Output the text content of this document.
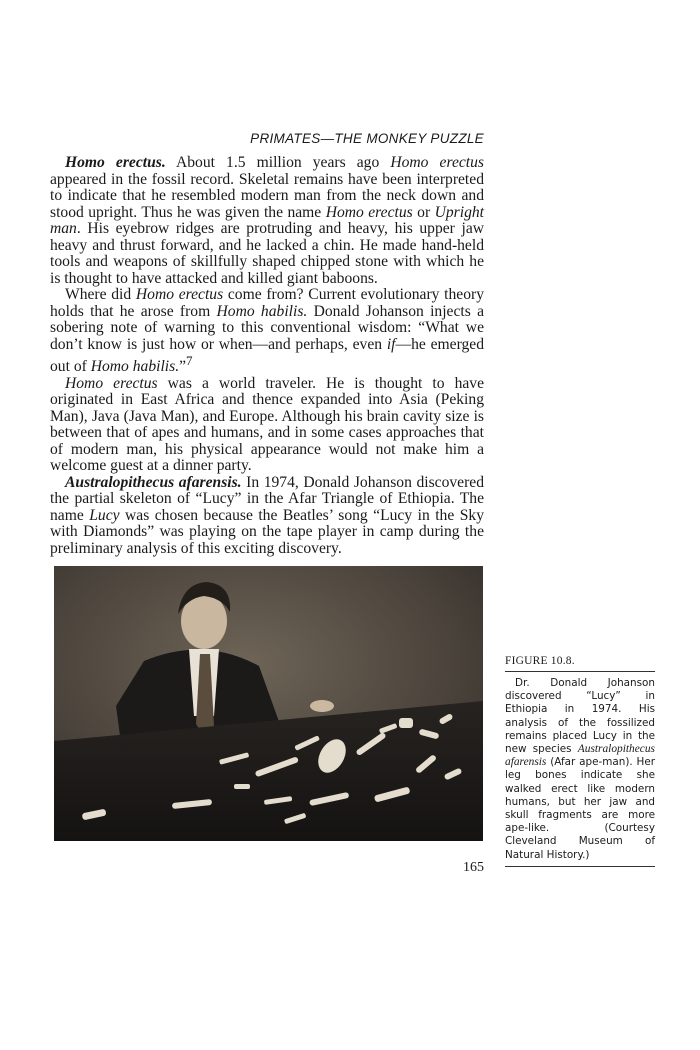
PRIMATES—THE MONKEY PUZZLE

Homo erectus. About 1.5 million years ago Homo erectus appeared in the fossil record. Skeletal remains have been interpreted to indicate that he resembled modern man from the neck down and stood upright. Thus he was given the name Homo erectus or Upright man. His eyebrow ridges are protruding and heavy, his upper jaw heavy and thrust forward, and he lacked a chin. He made hand-held tools and weapons of skillfully shaped chipped stone with which he is thought to have attacked and killed giant baboons.

Where did Homo erectus come from? Current evolutionary theory holds that he arose from Homo habilis. Donald Johanson injects a sobering note of warning to this conventional wisdom: “What we don’t know is just how or when—and perhaps, even if—he emerged out of Homo habilis.”$^7$

Homo erectus was a world traveler. He is thought to have originated in East Africa and thence expanded into Asia (Peking Man), Java (Java Man), and Europe. Although his brain cavity size is between that of apes and humans, and in some cases approaches that of modern man, his physical appearance would not make him a welcome guest at a dinner party.

Australopithecus afarensis. In 1974, Donald Johanson discovered the partial skeleton of “Lucy” in the Afar Triangle of Ethiopia. The name Lucy was chosen because the Beatles’ song “Lucy in the Sky with Diamonds” was playing on the tape player in camp during the preliminary analysis of this exciting discovery.

FIGURE 10.8.
Dr. Donald Johanson discovered “Lucy” in Ethiopia in 1974. His analysis of the fossilized remains placed Lucy in the new species Australopithecus afarensis (Afar ape-man). Her leg bones indicate she walked erect like modern humans, but her jaw and skull fragments are more ape-like. (Courtesy Cleveland Museum of Natural History.)
165
